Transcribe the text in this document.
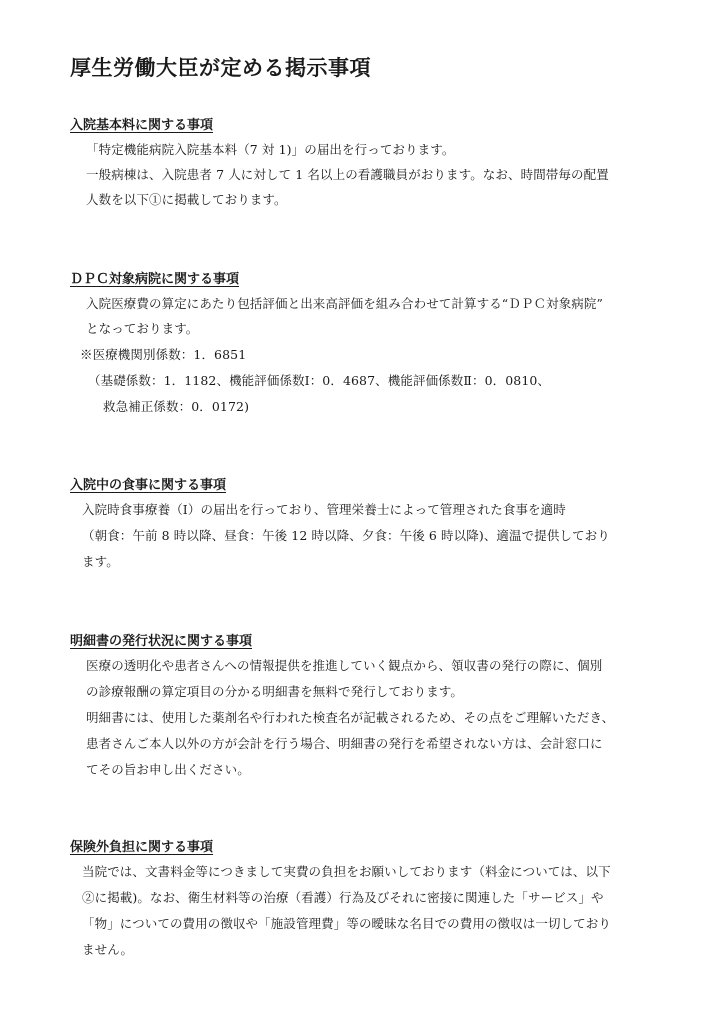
厚生労働大臣が定める掲示事項
入院基本料に関する事項
「特定機能病院入院基本料（7 対 1)」の届出を行っております。
一般病棟は、入院患者 7 人に対して 1 名以上の看護職員がおります。なお、時間帯毎の配置
人数を以下①に掲載しております。
ＤＰＣ対象病院に関する事項
入院医療費の算定にあたり包括評価と出来高評価を組み合わせて計算する“ＤＰＣ対象病院”
となっております。
※医療機関別係数：1．6851
（基礎係数：1．1182、機能評価係数Ⅰ：0．4687、機能評価係数Ⅱ：0．0810、
救急補正係数：0．0172)
入院中の食事に関する事項
入院時食事療養（Ⅰ）の届出を行っており、管理栄養士によって管理された食事を適時
（朝食：午前 8 時以降、昼食：午後 12 時以降、夕食：午後 6 時以降)、適温で提供しており
ます。
明細書の発行状況に関する事項
医療の透明化や患者さんへの情報提供を推進していく観点から、領収書の発行の際に、個別
の診療報酬の算定項目の分かる明細書を無料で発行しております。
明細書には、使用した薬剤名や行われた検査名が記載されるため、その点をご理解いただき、
患者さんご本人以外の方が会計を行う場合、明細書の発行を希望されない方は、会計窓口に
てその旨お申し出ください。
保険外負担に関する事項
当院では、文書料金等につきまして実費の負担をお願いしております（料金については、以下
②に掲載)。なお、衛生材料等の治療（看護）行為及びそれに密接に関連した「サービス」や
「物」についての費用の徴収や「施設管理費」等の曖昧な名目での費用の徴収は一切しており
ません。
